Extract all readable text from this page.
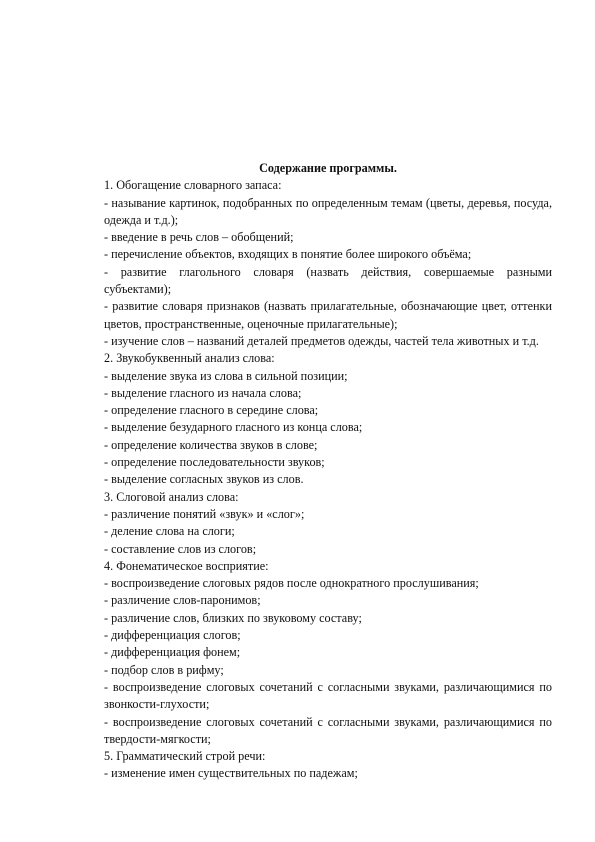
Содержание программы.
1. Обогащение словарного запаса:
- называние картинок, подобранных по определенным темам (цветы, деревья, посуда, одежда и т.д.);
- введение в речь слов – обобщений;
- перечисление объектов, входящих в понятие более широкого объёма;
- развитие глагольного словаря (назвать действия, совершаемые разными субъектами);
- развитие словаря признаков (назвать прилагательные, обозначающие цвет, оттенки цветов, пространственные, оценочные прилагательные);
- изучение слов – названий деталей предметов одежды, частей тела животных и т.д.
2. Звукобуквенный анализ слова:
- выделение звука из слова в сильной позиции;
- выделение гласного из начала слова;
- определение гласного в середине слова;
- выделение безударного гласного из конца слова;
- определение количества звуков в слове;
- определение последовательности звуков;
- выделение согласных звуков из слов.
3. Слоговой анализ слова:
- различение понятий «звук» и «слог»;
- деление слова на слоги;
- составление слов из слогов;
4. Фонематическое восприятие:
- воспроизведение слоговых рядов после однократного прослушивания;
- различение слов-паронимов;
- различение слов, близких по звуковому составу;
- дифференциация слогов;
- дифференциация фонем;
- подбор слов в рифму;
- воспроизведение слоговых сочетаний с согласными звуками, различающимися по звонкости-глухости;
- воспроизведение слоговых сочетаний с согласными звуками, различающимися по твердости-мягкости;
5. Грамматический строй речи:
- изменение имен существительных по падежам;
